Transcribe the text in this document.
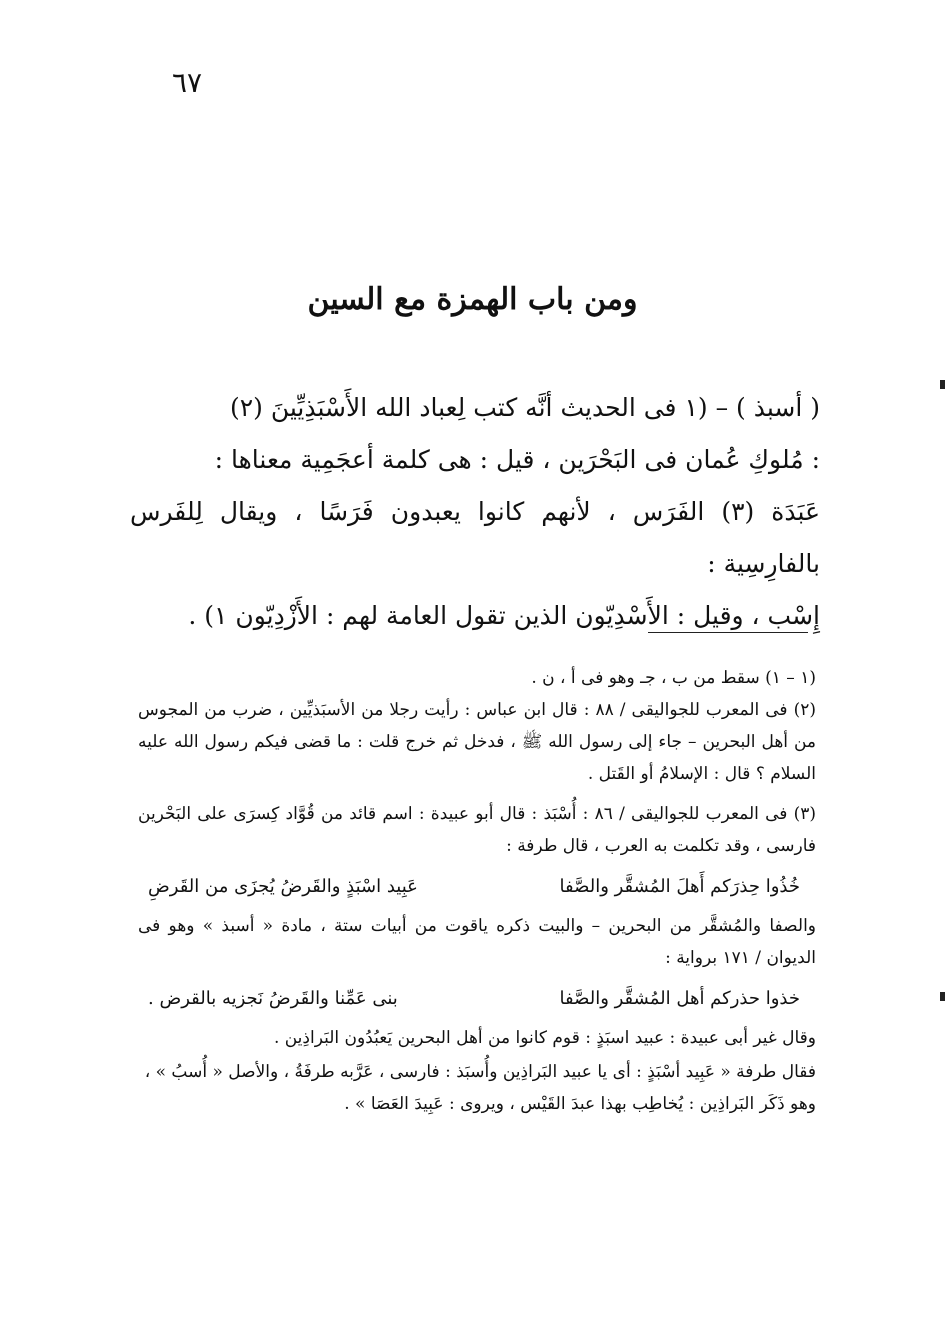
٦٧
ومن باب الهمزة مع السين

( أسبذ ) – (١ فى الحديث أنَّه كتب لِعباد الله الأَسْبَذِيِّينَ (٢)

: مُلوكِ عُمان فى البَحْرَين ، قيل : هى كلمة أعجَمِية معناها :

عَبَدَة (٣) الفَرَس ، لأنهم كانوا يعبدون فَرَسًا ، ويقال لِلفَرس بالفارِسِية :

إِسْب ، وقيل : الأَسْدِيّون الذين تقول العامة لهم : الأَزْدِيّون ١) .

(١ – ١) سقط من ب ، جـ وهو فى أ ، ن .

(٢) فى المعرب للجواليقى / ٨٨ : قال ابن عباس : رأيت رجلا من الأسبَذيِّين ، ضرب من المجوس من أهل البحرين – جاء إلى رسول الله ﷺ ، فدخل ثم خرج قلت : ما قضى فيكم رسول الله عليه السلام ؟ قال : الإسلامُ أو القَتل .

(٣) فى المعرب للجواليقى / ٨٦ : أُسْبَذ : قال أبو عبيدة : اسم قائد من قُوَّاد كِسرَى على البَحْرين فارسى ، وقد تكلمت به العرب ، قال طرفة :

خُذُوا حِذرَكم أَهلَ المُشقَّر والصَّفا
عَبِيد اسْبَذٍ والقَرضُ يُجزَى من القَرضِ

والصفا والمُشقَّر من البحرين – والبيت ذكره ياقوت من أبيات ستة ، مادة « أسبذ » وهو فى الديوان / ١٧١ برواية :

خذوا حذركم أهل المُشقَّر والصَّفا
بنى عَمِّنا والقَرضُ نَجزيه بالقرض .

وقال غير أبى عبيدة : عبيد اسبَذٍ : قوم كانوا من أهل البحرين يَعبُدُون البَراذِين .

فقال طرفة « عَبِيد أسْبَذٍ : أى يا عبيد البَراذِين وأُسبَذ : فارسى ، عَرَّبه طرفَةُ ، والأصل « أُسبُ » ، وهو ذَكَر البَراذِين : يُخاطِب بهذا عبدَ القَيْس ، ويروى : عَبِيدَ العَصَا » .
